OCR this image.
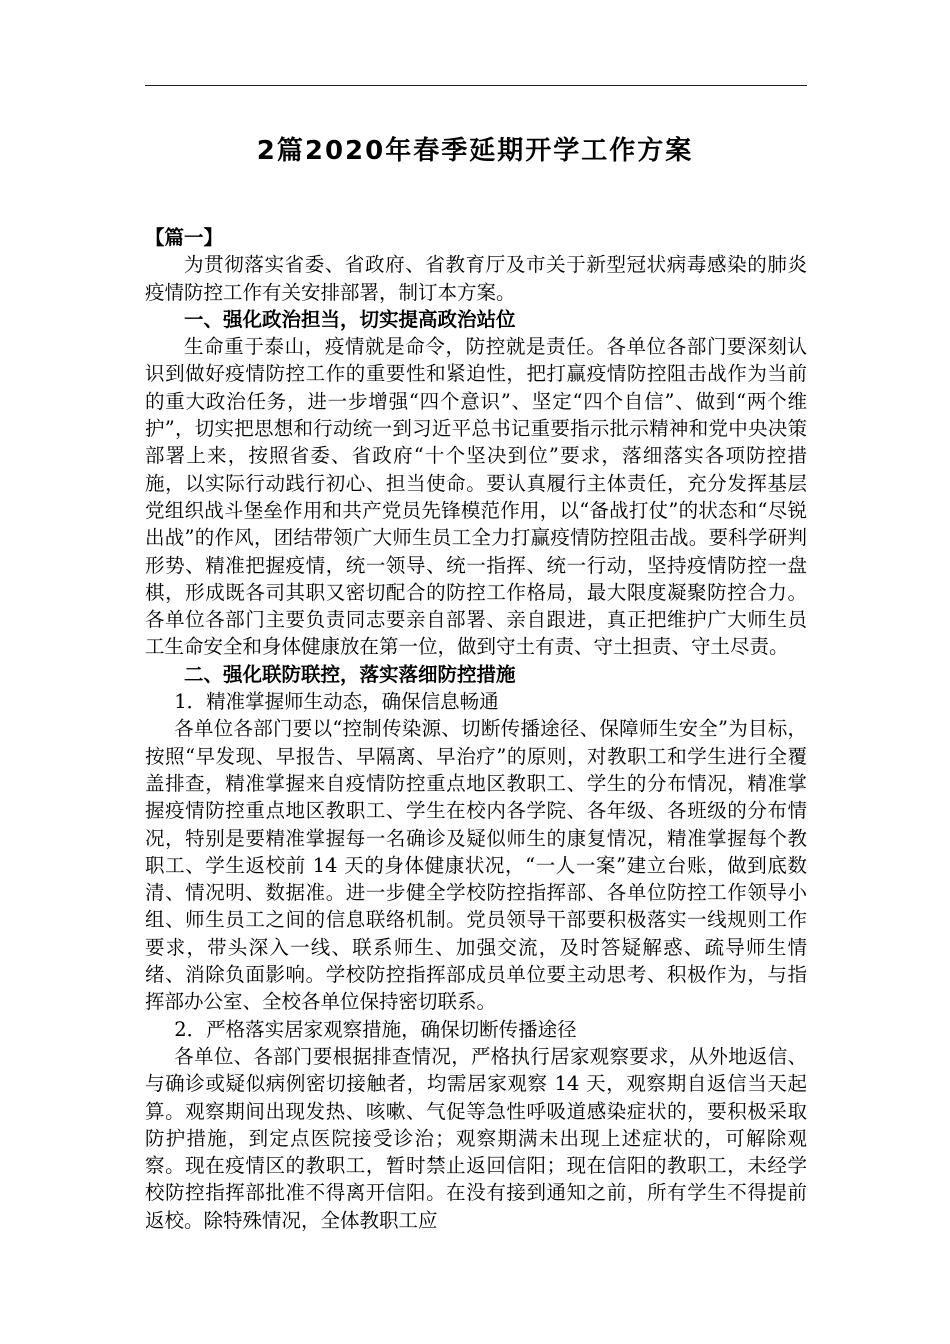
2篇2020年春季延期开学工作方案

【篇一】

为贯彻落实省委、省政府、省教育厅及市关于新型冠状病毒感染的肺炎疫情防控工作有关安排部署，制订本方案。

一、强化政治担当，切实提高政治站位

生命重于泰山，疫情就是命令，防控就是责任。各单位各部门要深刻认识到做好疫情防控工作的重要性和紧迫性，把打赢疫情防控阻击战作为当前的重大政治任务，进一步增强“四个意识”、坚定“四个自信”、做到“两个维护”，切实把思想和行动统一到习近平总书记重要指示批示精神和党中央决策部署上来，按照省委、省政府“十个坚决到位”要求，落细落实各项防控措施，以实际行动践行初心、担当使命。要认真履行主体责任，充分发挥基层党组织战斗堡垒作用和共产党员先锋模范作用，以“备战打仗”的状态和“尽锐出战”的作风，团结带领广大师生员工全力打赢疫情防控阻击战。要科学研判形势、精准把握疫情，统一领导、统一指挥、统一行动，坚持疫情防控一盘棋，形成既各司其职又密切配合的防控工作格局，最大限度凝聚防控合力。各单位各部门主要负责同志要亲自部署、亲自跟进，真正把维护广大师生员工生命安全和身体健康放在第一位，做到守土有责、守土担责、守土尽责。

二、强化联防联控，落实落细防控措施

1．精准掌握师生动态，确保信息畅通

各单位各部门要以“控制传染源、切断传播途径、保障师生安全”为目标，按照“早发现、早报告、早隔离、早治疗”的原则，对教职工和学生进行全覆盖排查，精准掌握来自疫情防控重点地区教职工、学生的分布情况，精准掌握疫情防控重点地区教职工、学生在校内各学院、各年级、各班级的分布情况，特别是要精准掌握每一名确诊及疑似师生的康复情况，精准掌握每个教职工、学生返校前 14 天的身体健康状况，“一人一案”建立台账，做到底数清、情况明、数据准。进一步健全学校防控指挥部、各单位防控工作领导小组、师生员工之间的信息联络机制。党员领导干部要积极落实一线规则工作要求，带头深入一线、联系师生、加强交流，及时答疑解惑、疏导师生情绪、消除负面影响。学校防控指挥部成员单位要主动思考、积极作为，与指挥部办公室、全校各单位保持密切联系。

2．严格落实居家观察措施，确保切断传播途径

各单位、各部门要根据排查情况，严格执行居家观察要求，从外地返信、与确诊或疑似病例密切接触者，均需居家观察 14 天，观察期自返信当天起算。观察期间出现发热、咳嗽、气促等急性呼吸道感染症状的，要积极采取防护措施，到定点医院接受诊治；观察期满未出现上述症状的，可解除观察。现在疫情区的教职工，暂时禁止返回信阳；现在信阳的教职工，未经学校防控指挥部批准不得离开信阳。在没有接到通知之前，所有学生不得提前返校。除特殊情况，全体教职工应
